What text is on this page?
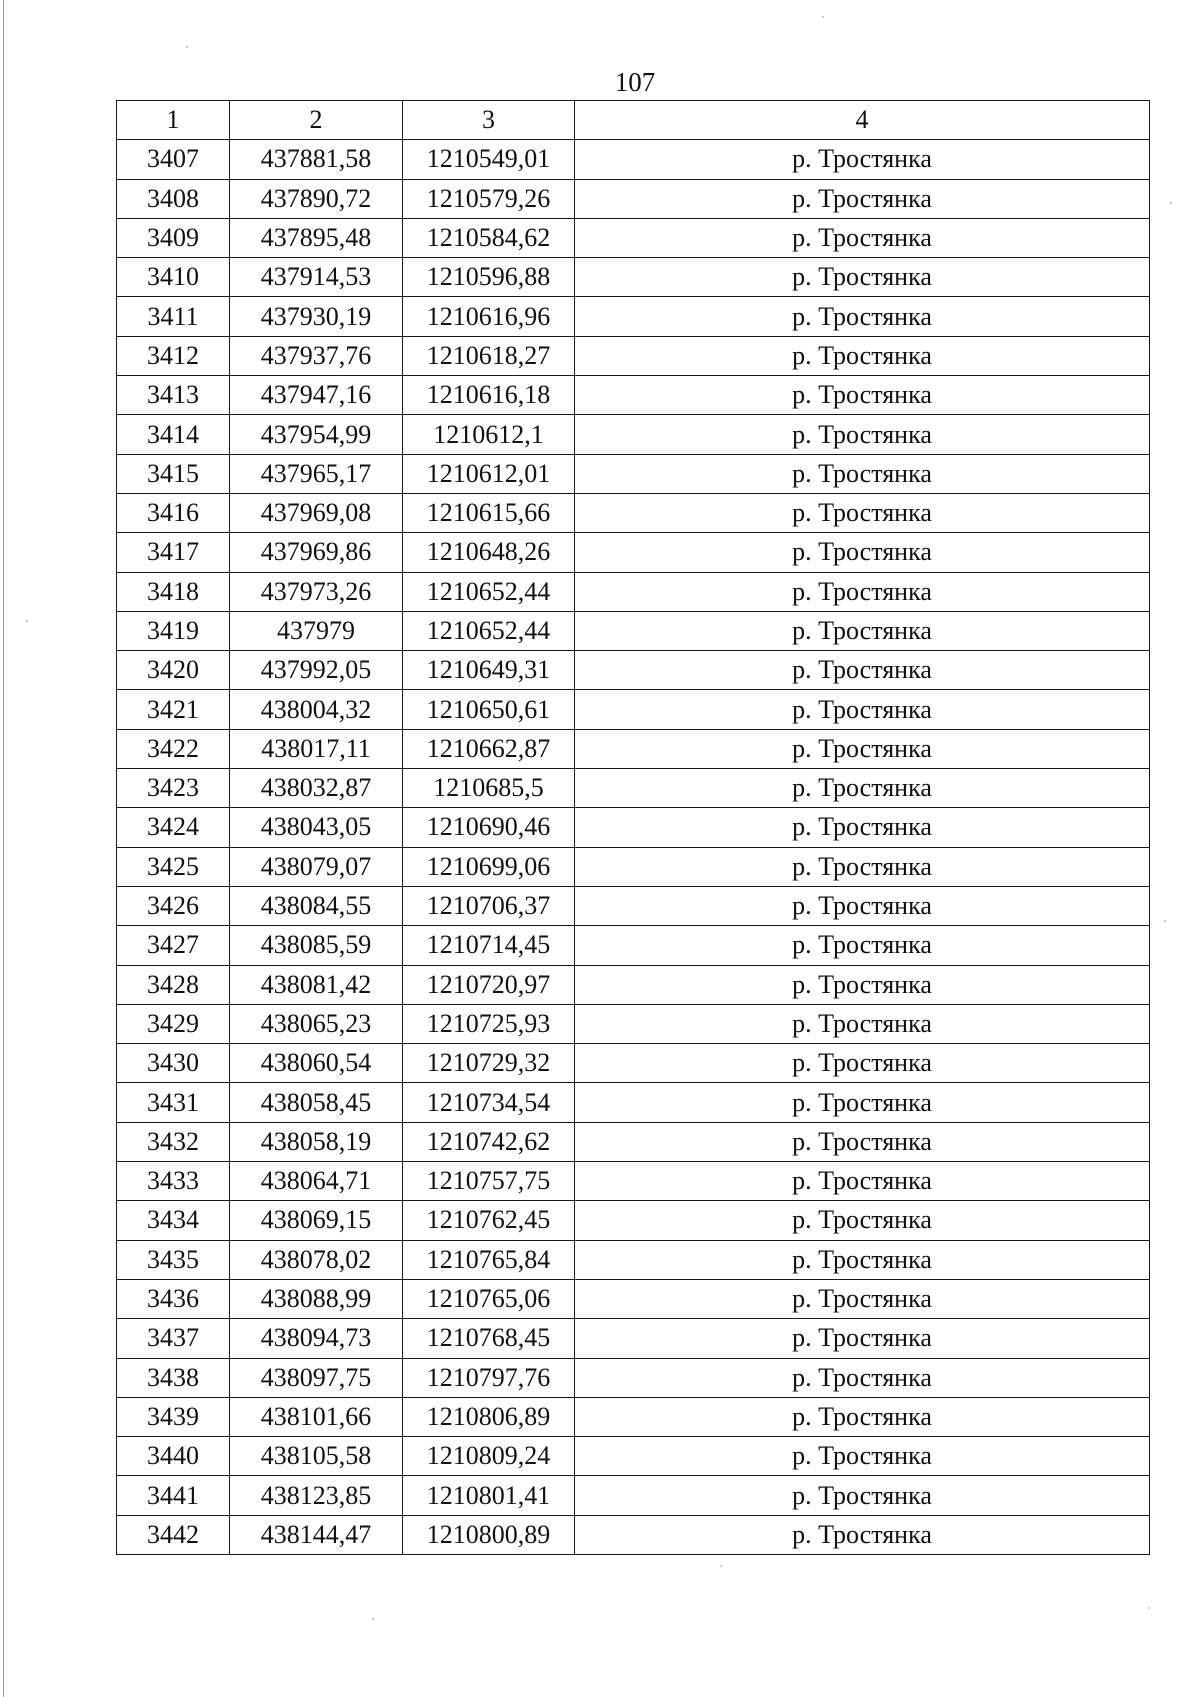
107
1	2	3	4
3407	437881,58	1210549,01	р. Тростянка
3408	437890,72	1210579,26	р. Тростянка
3409	437895,48	1210584,62	р. Тростянка
3410	437914,53	1210596,88	р. Тростянка
3411	437930,19	1210616,96	р. Тростянка
3412	437937,76	1210618,27	р. Тростянка
3413	437947,16	1210616,18	р. Тростянка
3414	437954,99	1210612,1	р. Тростянка
3415	437965,17	1210612,01	р. Тростянка
3416	437969,08	1210615,66	р. Тростянка
3417	437969,86	1210648,26	р. Тростянка
3418	437973,26	1210652,44	р. Тростянка
3419	437979	1210652,44	р. Тростянка
3420	437992,05	1210649,31	р. Тростянка
3421	438004,32	1210650,61	р. Тростянка
3422	438017,11	1210662,87	р. Тростянка
3423	438032,87	1210685,5	р. Тростянка
3424	438043,05	1210690,46	р. Тростянка
3425	438079,07	1210699,06	р. Тростянка
3426	438084,55	1210706,37	р. Тростянка
3427	438085,59	1210714,45	р. Тростянка
3428	438081,42	1210720,97	р. Тростянка
3429	438065,23	1210725,93	р. Тростянка
3430	438060,54	1210729,32	р. Тростянка
3431	438058,45	1210734,54	р. Тростянка
3432	438058,19	1210742,62	р. Тростянка
3433	438064,71	1210757,75	р. Тростянка
3434	438069,15	1210762,45	р. Тростянка
3435	438078,02	1210765,84	р. Тростянка
3436	438088,99	1210765,06	р. Тростянка
3437	438094,73	1210768,45	р. Тростянка
3438	438097,75	1210797,76	р. Тростянка
3439	438101,66	1210806,89	р. Тростянка
3440	438105,58	1210809,24	р. Тростянка
3441	438123,85	1210801,41	р. Тростянка
3442	438144,47	1210800,89	р. Тростянка
